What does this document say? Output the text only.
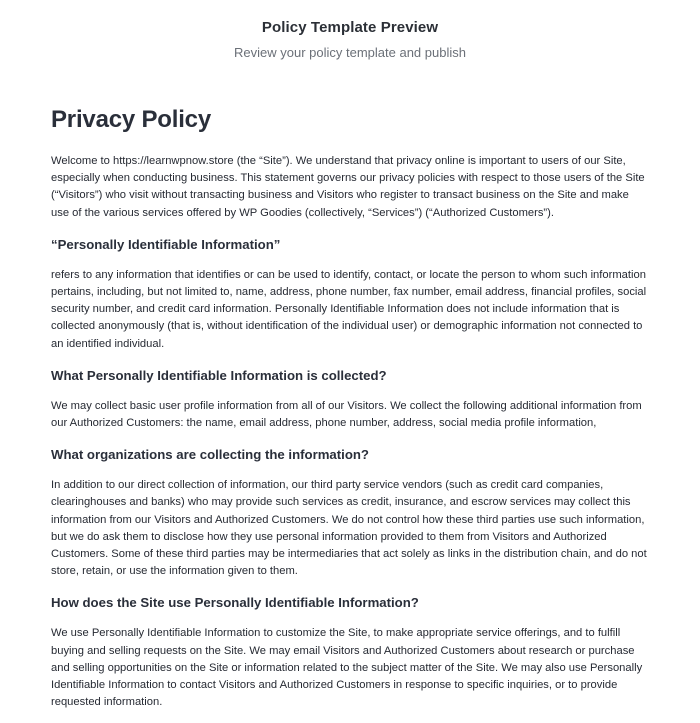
Policy Template Preview
Review your policy template and publish
Privacy Policy

Welcome to https://learnwpnow.store (the “Site”). We understand that privacy online is important to users of our Site, especially when conducting business. This statement governs our privacy policies with respect to those users of the Site (“Visitors”) who visit without transacting business and Visitors who register to transact business on the Site and make use of the various services offered by WP Goodies (collectively, “Services”) (“Authorized Customers”).

“Personally Identifiable Information”

refers to any information that identifies or can be used to identify, contact, or locate the person to whom such information pertains, including, but not limited to, name, address, phone number, fax number, email address, financial profiles, social security number, and credit card information. Personally Identifiable Information does not include information that is collected anonymously (that is, without identification of the individual user) or demographic information not connected to an identified individual.

What Personally Identifiable Information is collected?

We may collect basic user profile information from all of our Visitors. We collect the following additional information from our Authorized Customers: the name, email address, phone number, address, social media profile information,

What organizations are collecting the information?

In addition to our direct collection of information, our third party service vendors (such as credit card companies, clearinghouses and banks) who may provide such services as credit, insurance, and escrow services may collect this information from our Visitors and Authorized Customers. We do not control how these third parties use such information, but we do ask them to disclose how they use personal information provided to them from Visitors and Authorized Customers. Some of these third parties may be intermediaries that act solely as links in the distribution chain, and do not store, retain, or use the information given to them.

How does the Site use Personally Identifiable Information?

We use Personally Identifiable Information to customize the Site, to make appropriate service offerings, and to fulfill buying and selling requests on the Site. We may email Visitors and Authorized Customers about research or purchase and selling opportunities on the Site or information related to the subject matter of the Site. We may also use Personally Identifiable Information to contact Visitors and Authorized Customers in response to specific inquiries, or to provide requested information.
